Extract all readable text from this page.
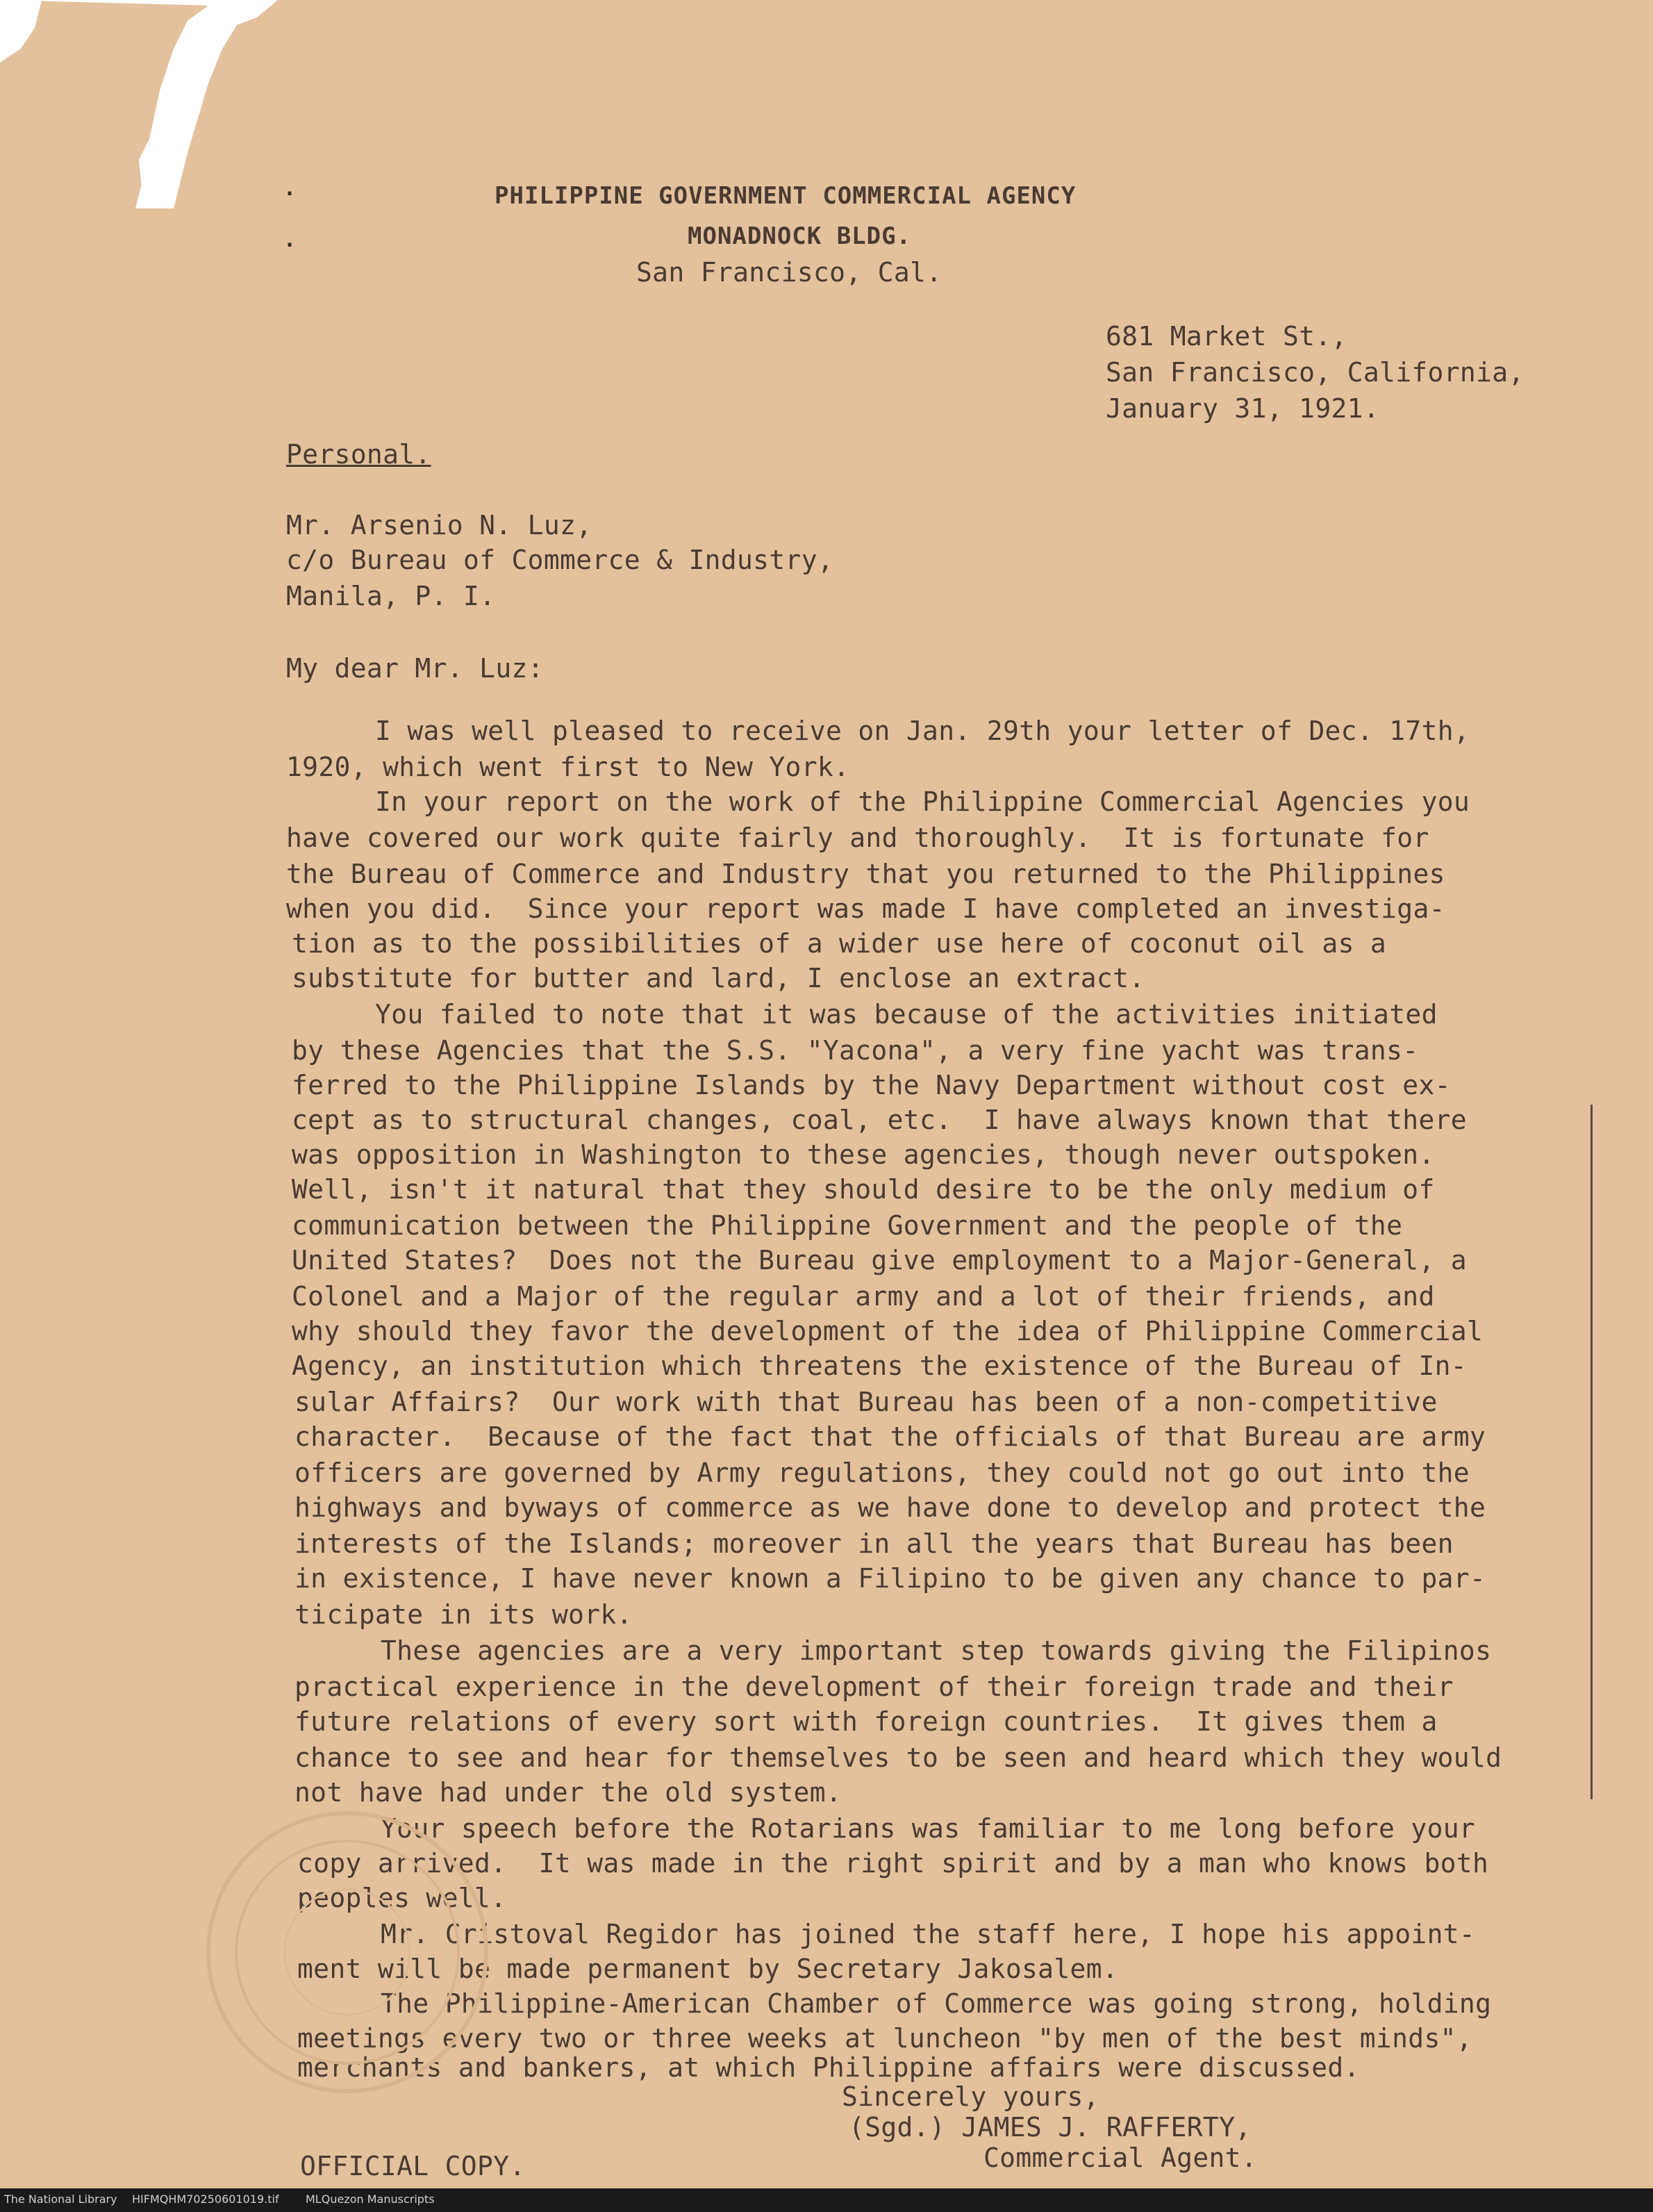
·
·
PHILIPPINE GOVERNMENT COMMERCIAL AGENCY
MONADNOCK BLDG.
San Francisco, Cal.
681 Market St.,
San Francisco, California,
January 31, 1921.
Personal.
Mr. Arsenio N. Luz,
c/o Bureau of Commerce & Industry,
Manila, P. I.
My dear Mr. Luz:
I was well pleased to receive on Jan. 29th your letter of Dec. 17th,
1920, which went first to New York.
In your report on the work of the Philippine Commercial Agencies you
have covered our work quite fairly and thoroughly.  It is fortunate for
the Bureau of Commerce and Industry that you returned to the Philippines
when you did.  Since your report was made I have completed an investiga-
tion as to the possibilities of a wider use here of coconut oil as a
substitute for butter and lard, I enclose an extract.
You failed to note that it was because of the activities initiated
by these Agencies that the S.S. "Yacona", a very fine yacht was trans-
ferred to the Philippine Islands by the Navy Department without cost ex-
cept as to structural changes, coal, etc.  I have always known that there
was opposition in Washington to these agencies, though never outspoken.
Well, isn't it natural that they should desire to be the only medium of
communication between the Philippine Government and the people of the
United States?  Does not the Bureau give employment to a Major-General, a
Colonel and a Major of the regular army and a lot of their friends, and
why should they favor the development of the idea of Philippine Commercial
Agency, an institution which threatens the existence of the Bureau of In-
sular Affairs?  Our work with that Bureau has been of a non-competitive
character.  Because of the fact that the officials of that Bureau are army
officers are governed by Army regulations, they could not go out into the
highways and byways of commerce as we have done to develop and protect the
interests of the Islands; moreover in all the years that Bureau has been
in existence, I have never known a Filipino to be given any chance to par-
ticipate in its work.
These agencies are a very important step towards giving the Filipinos
practical experience in the development of their foreign trade and their
future relations of every sort with foreign countries.  It gives them a
chance to see and hear for themselves to be seen and heard which they would
not have had under the old system.
Your speech before the Rotarians was familiar to me long before your
copy arrived.  It was made in the right spirit and by a man who knows both
peoples well.
Mr. Cristoval Regidor has joined the staff here, I hope his appoint-
ment will be made permanent by Secretary Jakosalem.
The Philippine-American Chamber of Commerce was going strong, holding
meetings every two or three weeks at luncheon "by men of the best minds",
merchants and bankers, at which Philippine affairs were discussed.
Sincerely yours,
(Sgd.) JAMES J. RAFFERTY,
Commercial Agent.
OFFICIAL COPY.
The National Library HIFMQHM70250601019.tif MLQuezon Manuscripts
